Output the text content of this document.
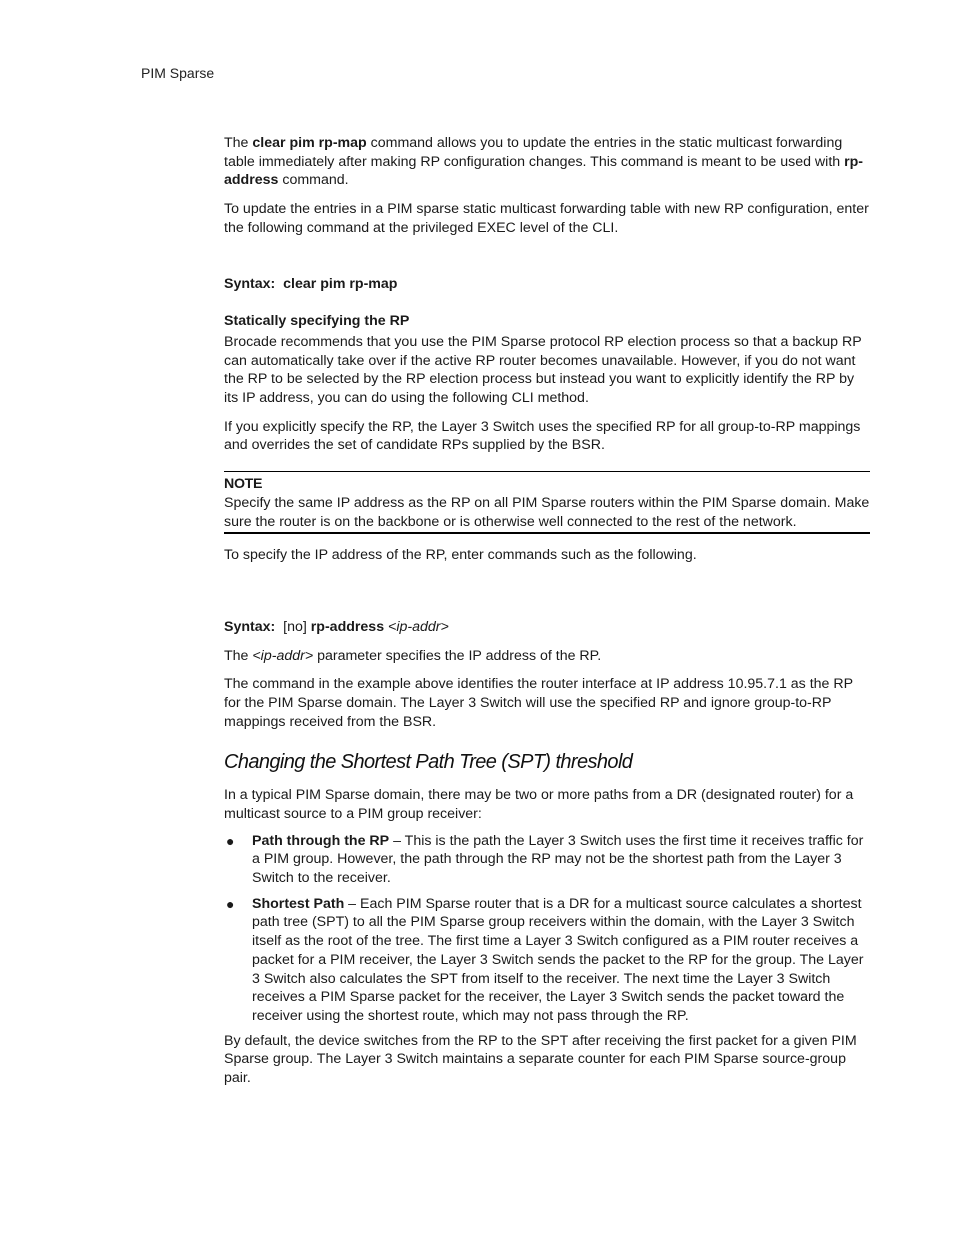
PIM Sparse

The clear pim rp-map command allows you to update the entries in the static multicast forwarding table immediately after making RP configuration changes. This command is meant to be used with rp-address command.

To update the entries in a PIM sparse static multicast forwarding table with new RP configuration, enter the following command at the privileged EXEC level of the CLI.

Syntax: clear pim rp-map

Statically specifying the RP

Brocade recommends that you use the PIM Sparse protocol RP election process so that a backup RP can automatically take over if the active RP router becomes unavailable. However, if you do not want the RP to be selected by the RP election process but instead you want to explicitly identify the RP by its IP address, you can do using the following CLI method.

If you explicitly specify the RP, the Layer 3 Switch uses the specified RP for all group-to-RP mappings and overrides the set of candidate RPs supplied by the BSR.

NOTE
Specify the same IP address as the RP on all PIM Sparse routers within the PIM Sparse domain. Make sure the router is on the backbone or is otherwise well connected to the rest of the network.

To specify the IP address of the RP, enter commands such as the following.

Syntax: [no] rp-address <ip-addr>

The <ip-addr> parameter specifies the IP address of the RP.

The command in the example above identifies the router interface at IP address 10.95.7.1 as the RP for the PIM Sparse domain. The Layer 3 Switch will use the specified RP and ignore group-to-RP mappings received from the BSR.

Changing the Shortest Path Tree (SPT) threshold

In a typical PIM Sparse domain, there may be two or more paths from a DR (designated router) for a multicast source to a PIM group receiver:

● Path through the RP – This is the path the Layer 3 Switch uses the first time it receives traffic for a PIM group. However, the path through the RP may not be the shortest path from the Layer 3 Switch to the receiver.
● Shortest Path – Each PIM Sparse router that is a DR for a multicast source calculates a shortest path tree (SPT) to all the PIM Sparse group receivers within the domain, with the Layer 3 Switch itself as the root of the tree. The first time a Layer 3 Switch configured as a PIM router receives a packet for a PIM receiver, the Layer 3 Switch sends the packet to the RP for the group. The Layer 3 Switch also calculates the SPT from itself to the receiver. The next time the Layer 3 Switch receives a PIM Sparse packet for the receiver, the Layer 3 Switch sends the packet toward the receiver using the shortest route, which may not pass through the RP.

By default, the device switches from the RP to the SPT after receiving the first packet for a given PIM Sparse group. The Layer 3 Switch maintains a separate counter for each PIM Sparse source-group pair.
